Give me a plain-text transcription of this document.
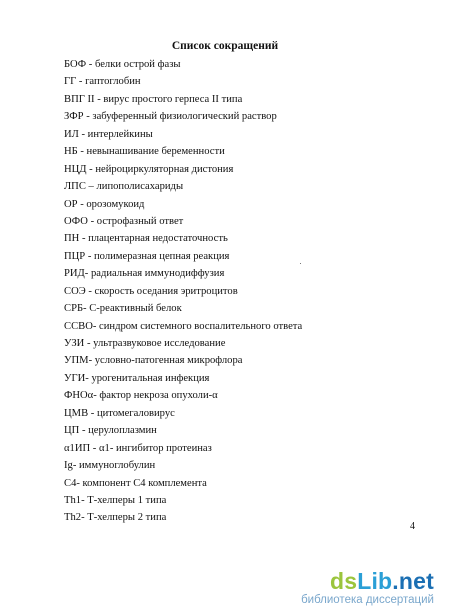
Список сокращений
БОФ - белки острой фазы
ГГ - гаптоглобин
ВПГ II - вирус простого герпеса II типа
ЗФР - забуференный физиологический раствор
ИЛ - интерлейкины
НБ - невынашивание беременности
НЦД - нейроциркуляторная дистония
ЛПС – липополисахариды
ОР - орозомукоид
ОФО - острофазный ответ
ПН - плацентарная недостаточность
ПЦР - полимеразная цепная реакция
РИД- радиальная иммунодиффузия
СОЭ - скорость оседания эритроцитов
СРБ- С-реактивный белок
ССВО- синдром системного воспалительного ответа
УЗИ - ультразвуковое исследование
УПМ- условно-патогенная микрофлора
УГИ- урогенитальная инфекция
ФНОα- фактор некроза опухоли-α
ЦМВ - цитомегаловирус
ЦП - церулоплазмин
α1ИП - α1- ингибитор протеиназ
Ig- иммуноглобулин
С4- компонент С4 комплемента
Th1- Т-хелперы 1 типа
Th2- Т-хелперы 2 типа
4
dsLib.net
библиотека диссертаций
